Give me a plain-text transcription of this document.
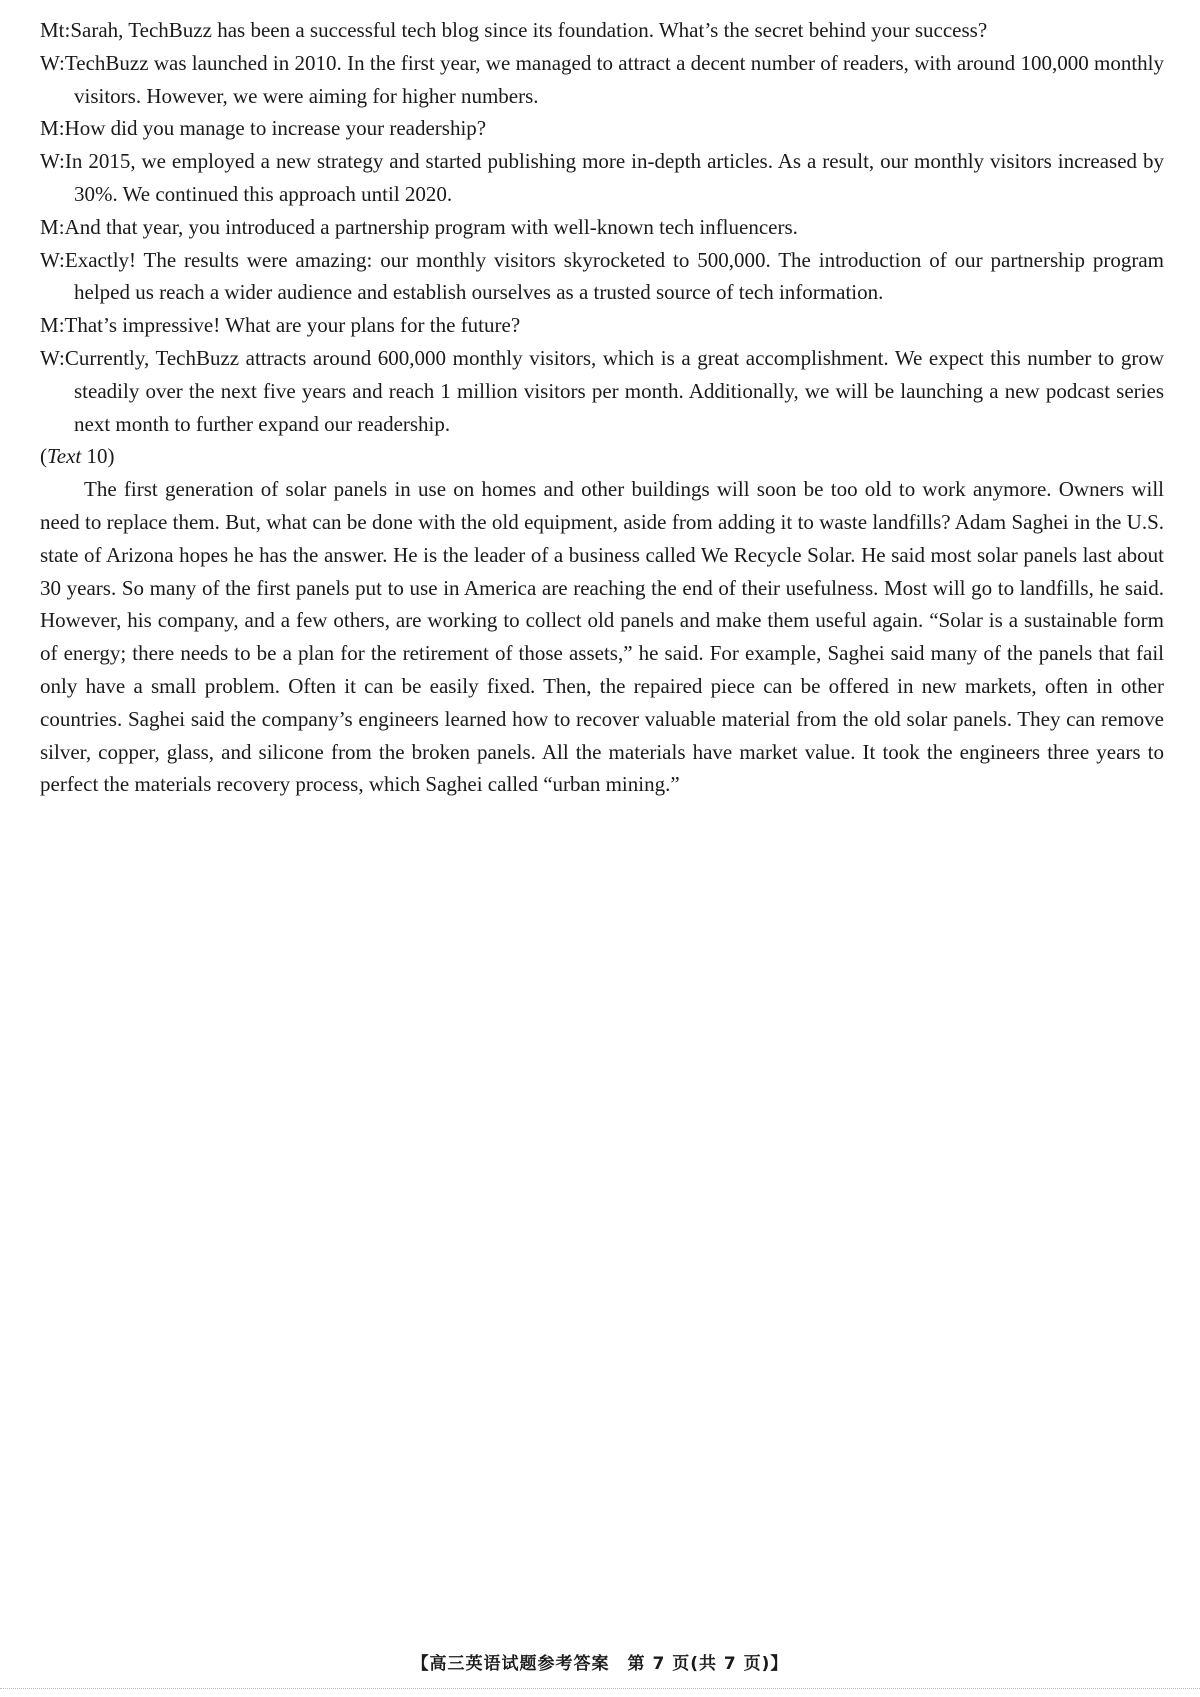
Mt:Sarah, TechBuzz has been a successful tech blog since its foundation. What’s the secret behind your success?
W:TechBuzz was launched in 2010. In the first year, we managed to attract a decent number of readers, with around 100,000 monthly visitors. However, we were aiming for higher numbers.
M:How did you manage to increase your readership?
W:In 2015, we employed a new strategy and started publishing more in-depth articles. As a result, our monthly visitors increased by 30%. We continued this approach until 2020.
M:And that year, you introduced a partnership program with well-known tech influencers.
W:Exactly! The results were amazing: our monthly visitors skyrocketed to 500,000. The introduction of our partnership program helped us reach a wider audience and establish ourselves as a trusted source of tech information.
M:That’s impressive! What are your plans for the future?
W:Currently, TechBuzz attracts around 600,000 monthly visitors, which is a great accomplishment. We expect this number to grow steadily over the next five years and reach 1 million visitors per month. Additionally, we will be launching a new podcast series next month to further expand our readership.
(Text 10)
The first generation of solar panels in use on homes and other buildings will soon be too old to work anymore. Owners will need to replace them. But, what can be done with the old equipment, aside from adding it to waste landfills? Adam Saghei in the U.S. state of Arizona hopes he has the answer. He is the leader of a business called We Recycle Solar. He said most solar panels last about 30 years. So many of the first panels put to use in America are reaching the end of their usefulness. Most will go to landfills, he said. However, his company, and a few others, are working to collect old panels and make them useful again. “Solar is a sustainable form of energy; there needs to be a plan for the retirement of those assets,” he said. For example, Saghei said many of the panels that fail only have a small problem. Often it can be easily fixed. Then, the repaired piece can be offered in new markets, often in other countries. Saghei said the company’s engineers learned how to recover valuable material from the old solar panels. They can remove silver, copper, glass, and silicone from the broken panels. All the materials have market value. It took the engineers three years to perfect the materials recovery process, which Saghei called “urban mining.”
【高三英语试题参考答案　第 7 页(共 7 页)】
